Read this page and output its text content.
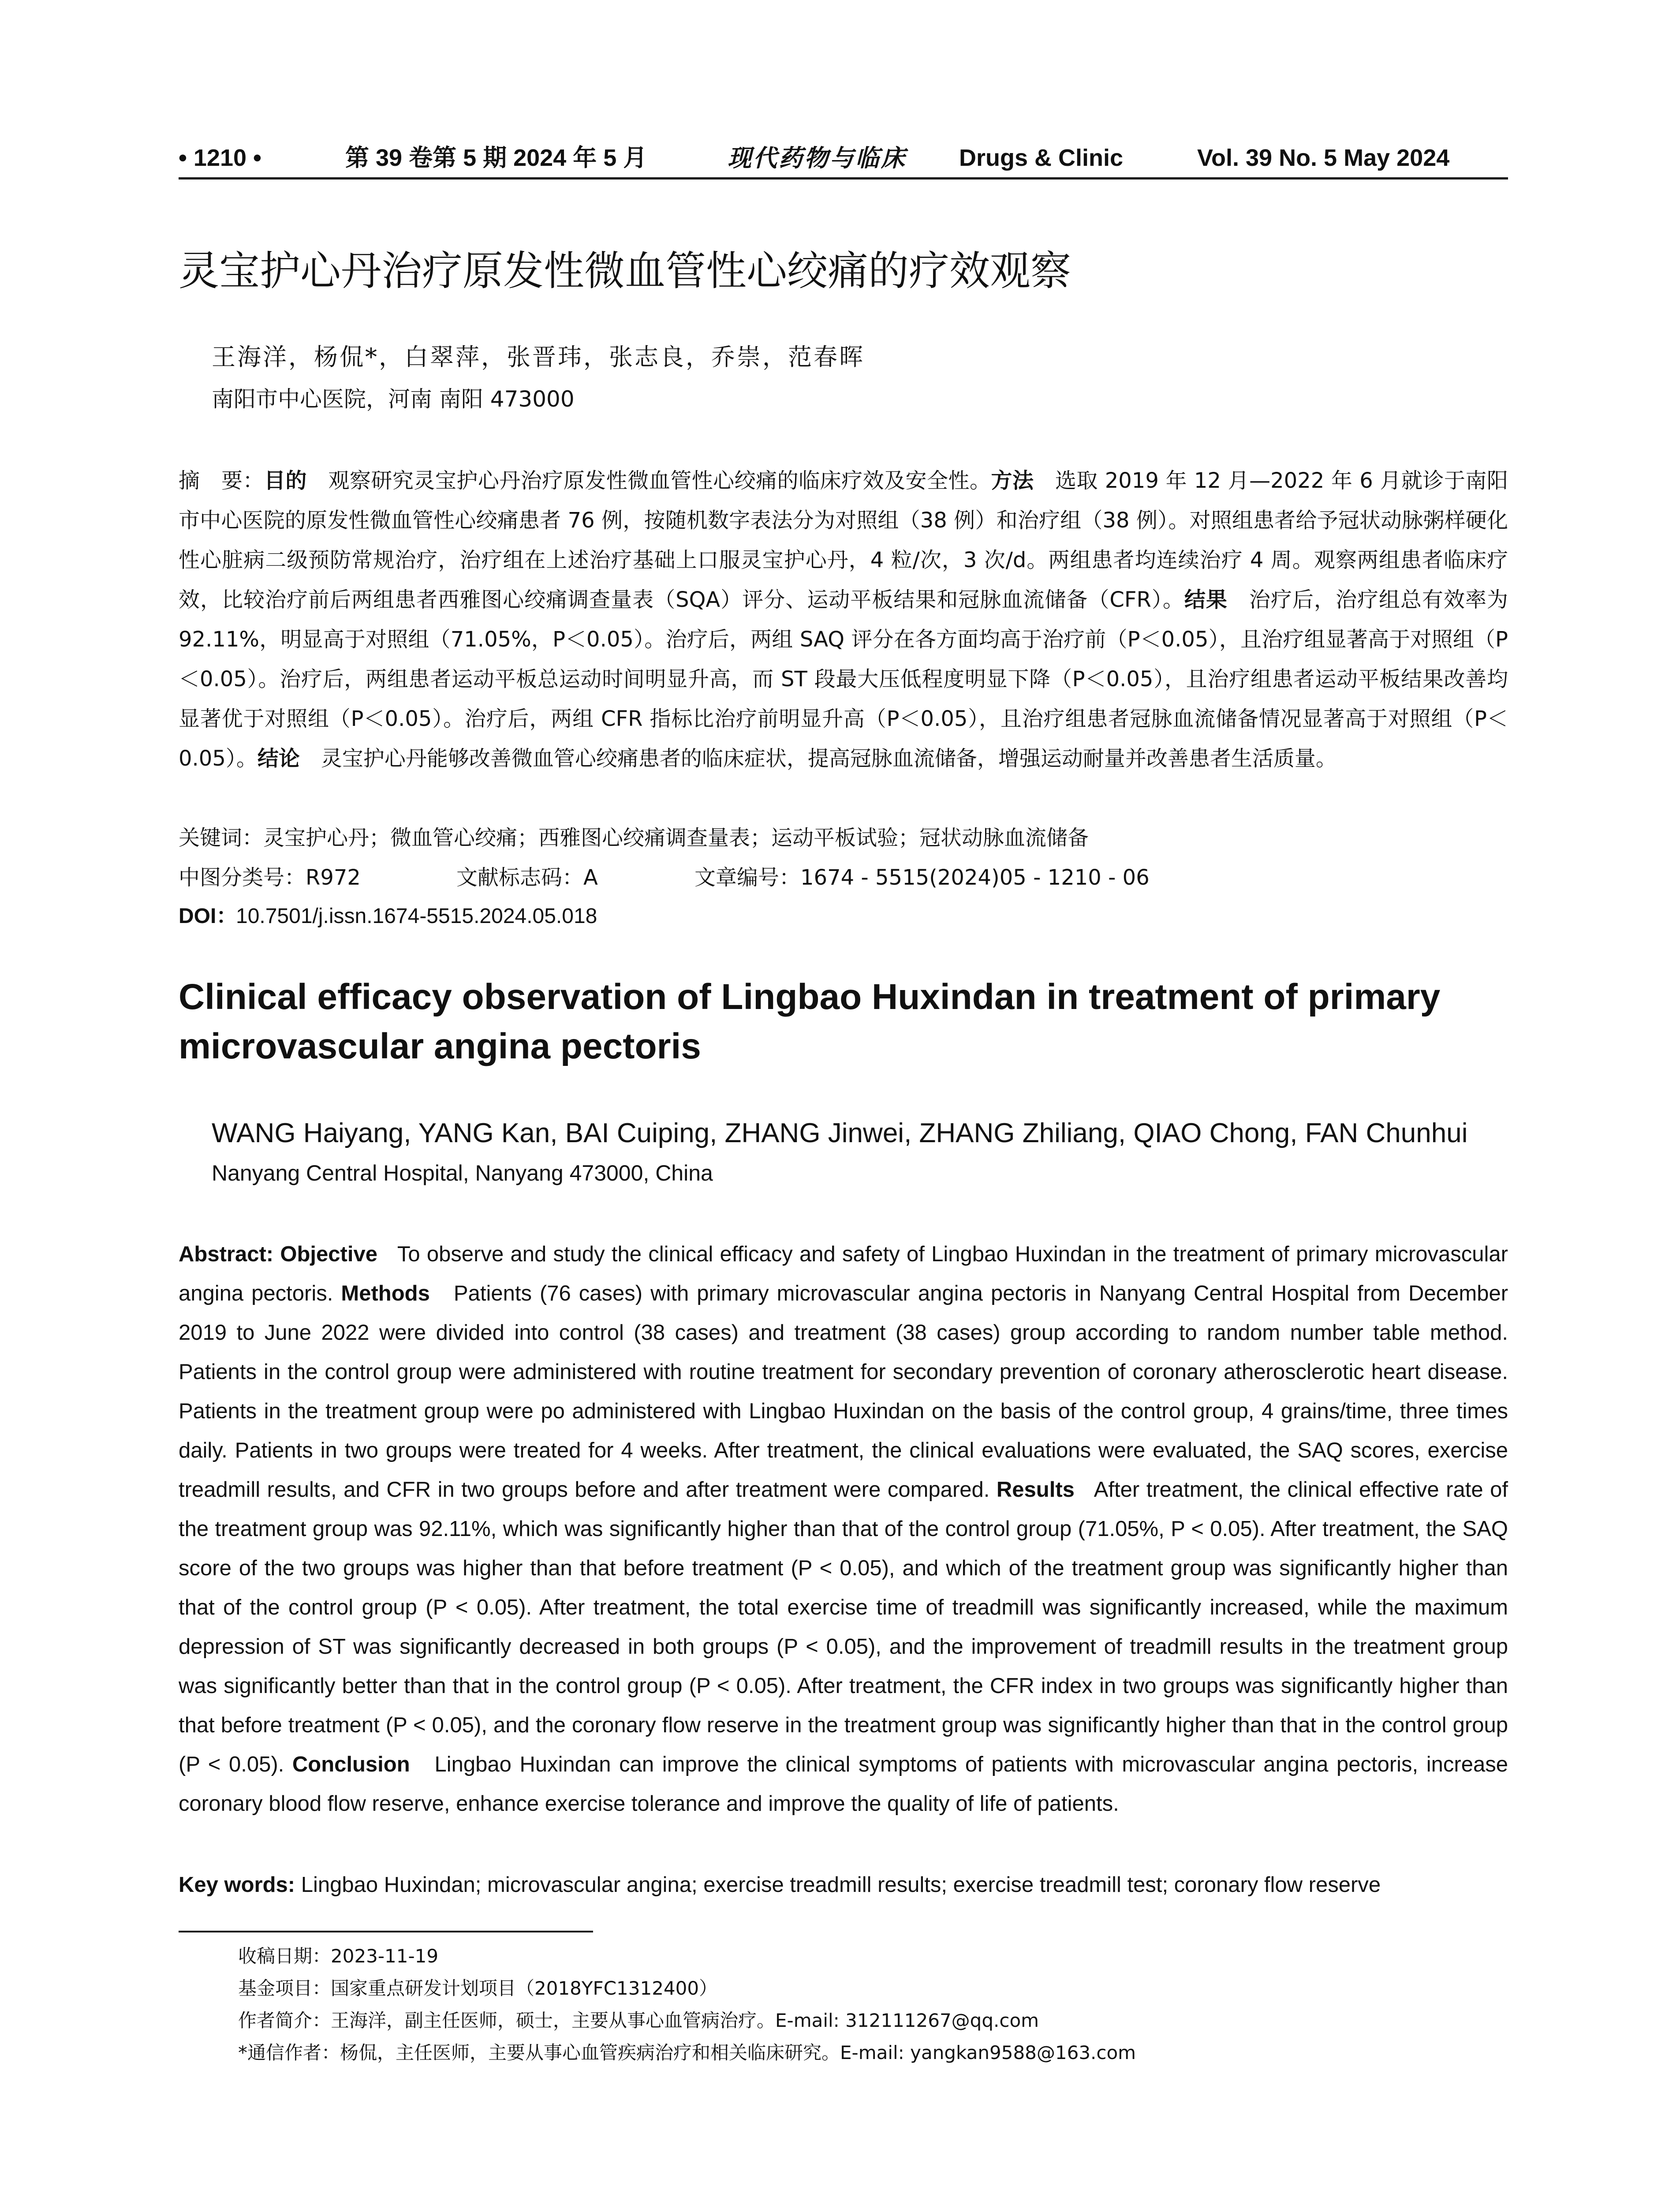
• 1210 •	第 39 卷第 5 期 2024 年 5 月	现代药物与临床 Drugs & Clinic	Vol. 39 No. 5 May 2024
灵宝护心丹治疗原发性微血管性心绞痛的疗效观察
王海洋，杨侃*，白翠萍，张晋玮，张志良，乔崇，范春晖
南阳市中心医院，河南 南阳 473000
摘　要：目的　 观察研究灵宝护心丹治疗原发性微血管性心绞痛的临床疗效及安全性。方法　 选取 2019 年 12 月—2022 年 6 月就诊于南阳市中心医院的原发性微血管性心绞痛患者 76 例，按随机数字表法分为对照组（38 例）和治疗组（38 例）。对照组患者给予冠状动脉粥样硬化性心脏病二级预防常规治疗，治疗组在上述治疗基础上口服灵宝护心丹，4 粒/次，3 次/d。两组患者均连续治疗 4 周。观察两组患者临床疗效，比较治疗前后两组患者西雅图心绞痛调查量表（SQA）评分、运动平板结果和冠脉血流储备（CFR）。结果　 治疗后，治疗组总有效率为 92.11%，明显高于对照组（71.05%，P＜0.05）。治疗后，两组 SAQ 评分在各方面均高于治疗前（P＜0.05），且治疗组显著高于对照组（P＜0.05）。治疗后，两组患者运动平板总运动时间明显升高，而 ST 段最大压低程度明显下降（P＜0.05），且治疗组患者运动平板结果改善均显著优于对照组（P＜0.05）。治疗后，两组 CFR 指标比治疗前明显升高（P＜0.05），且治疗组患者冠脉血流储备情况显著高于对照组（P＜0.05）。结论　 灵宝护心丹能够改善微血管心绞痛患者的临床症状，提高冠脉血流储备，增强运动耐量并改善患者生活质量。
关键词：灵宝护心丹；微血管心绞痛；西雅图心绞痛调查量表；运动平板试验；冠状动脉血流储备
中图分类号：R972	文献标志码：A	文章编号：1674 - 5515(2024)05 - 1210 - 06
DOI：
10.7501/j.issn.1674-5515.2024.05.018
Clinical efficacy observation of Lingbao Huxindan in treatment of primary microvascular angina pectoris
WANG Haiyang, YANG Kan, BAI Cuiping, ZHANG Jinwei, ZHANG Zhiliang, QIAO Chong, FAN Chunhui
Nanyang Central Hospital, Nanyang 473000, China
Abstract: Objective To observe and study the clinical efficacy and safety of Lingbao Huxindan in the treatment of primary microvascular angina pectoris. Methods Patients (76 cases) with primary microvascular angina pectoris in Nanyang Central Hospital from December 2019 to June 2022 were divided into control (38 cases) and treatment (38 cases) group according to random number table method. Patients in the control group were administered with routine treatment for secondary prevention of coronary atherosclerotic heart disease. Patients in the treatment group were po administered with Lingbao Huxindan on the basis of the control group, 4 grains/time, three times daily. Patients in two groups were treated for 4 weeks. After treatment, the clinical evaluations were evaluated, the SAQ scores, exercise treadmill results, and CFR in two groups before and after treatment were compared. Results After treatment, the clinical effective rate of the treatment group was 92.11%, which was significantly higher than that of the control group (71.05%, P < 0.05). After treatment, the SAQ score of the two groups was higher than that before treatment (P < 0.05), and which of the treatment group was significantly higher than that of the control group (P < 0.05). After treatment, the total exercise time of treadmill was significantly increased, while the maximum depression of ST was significantly decreased in both groups (P < 0.05), and the improvement of treadmill results in the treatment group was significantly better than that in the control group (P < 0.05). After treatment, the CFR index in two groups was significantly higher than that before treatment (P < 0.05), and the coronary flow reserve in the treatment group was significantly higher than that in the control group (P < 0.05). Conclusion Lingbao Huxindan can improve the clinical symptoms of patients with microvascular angina pectoris, increase coronary blood flow reserve, enhance exercise tolerance and improve the quality of life of patients.
Key words: Lingbao Huxindan; microvascular angina; exercise treadmill results; exercise treadmill test; coronary flow reserve
收稿日期：2023-11-19
基金项目：国家重点研发计划项目（2018YFC1312400）
作者简介：王海洋，副主任医师，硕士，主要从事心血管病治疗。E-mail: 312111267@qq.com
*通信作者：杨侃，主任医师，主要从事心血管疾病治疗和相关临床研究。E-mail: yangkan9588@163.com
